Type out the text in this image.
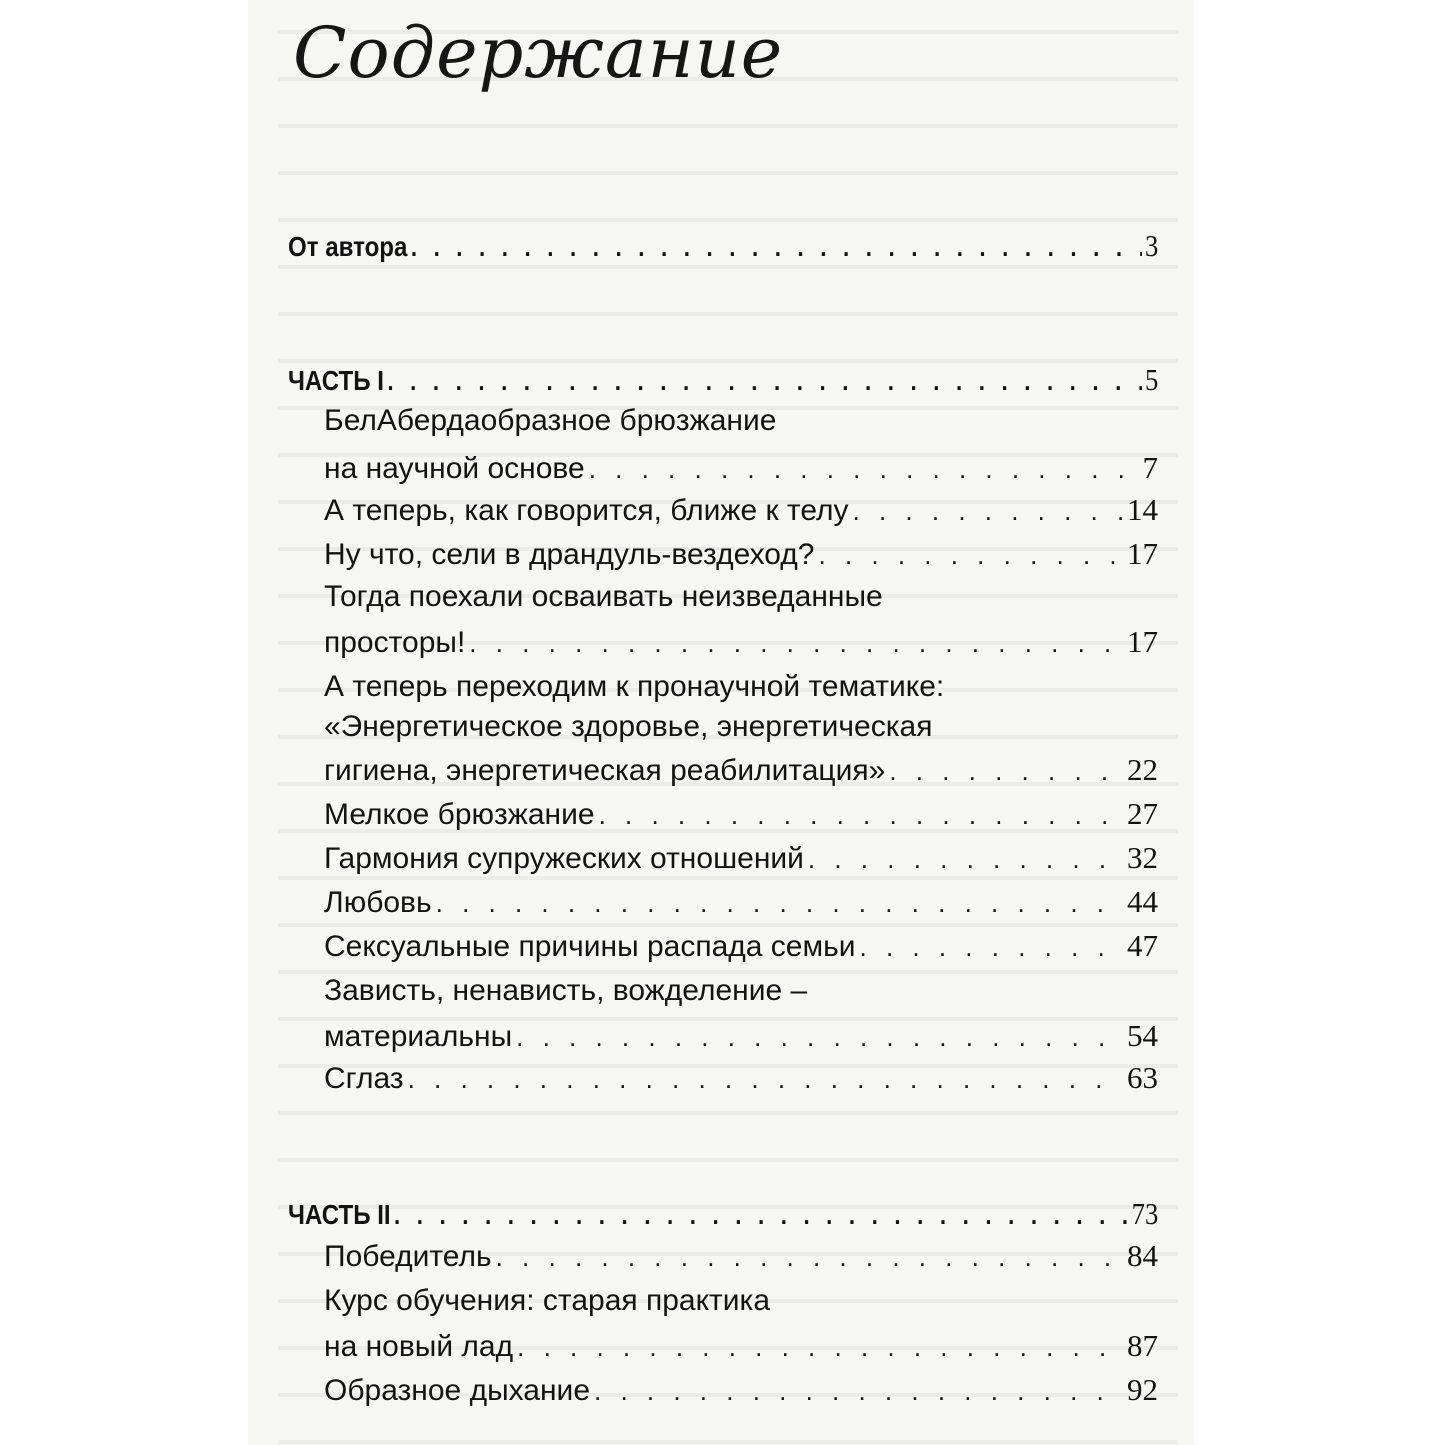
Содержание
От автора . . .	3
ЧАСТЬ I . . .	5
БелАбердаобразное брюзжание
на научной основе . . .	7
А теперь, как говорится, ближе к телу . . .	14
Ну что, сели в драндуль-вездеход? . . .	17
Тогда поехали осваивать неизведанные
просторы! . . .	17
А теперь переходим к пронаучной тематике:
«Энергетическое здоровье, энергетическая
гигиена, энергетическая реабилитация» . . .	22
Мелкое брюзжание . . .	27
Гармония супружеских отношений . . .	32
Любовь . . .	44
Сексуальные причины распада семьи . . .	47
Зависть, ненависть, вожделение –
материальны . . .	54
Сглаз . . .	63
ЧАСТЬ II . . .	73
Победитель . . .	84
Курс обучения: старая практика
на новый лад . . .	87
Образное дыхание . . .	92
